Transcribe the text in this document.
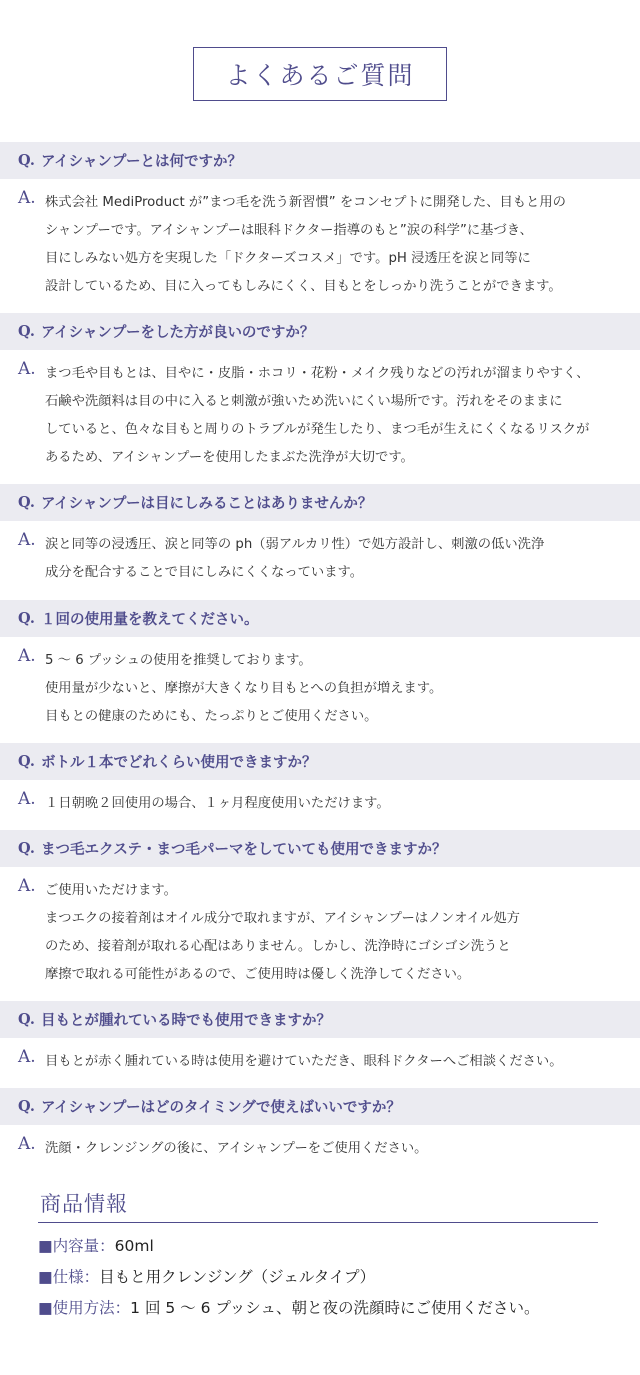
よくあるご質問
Q. アイシャンプーとは何ですか？
A. 株式会社 MediProduct が”まつ毛を洗う新習慣” をコンセプトに開発した、目もと用の
シャンプーです。アイシャンプーは眼科ドクター指導のもと”涙の科学”に基づき、
目にしみない処方を実現した「ドクターズコスメ」です。pH 浸透圧を涙と同等に
設計しているため、目に入ってもしみにくく、目もとをしっかり洗うことができます。
Q. アイシャンプーをした方が良いのですか？
A. まつ毛や目もとは、目やに・皮脂・ホコリ・花粉・メイク残りなどの汚れが溜まりやすく、
石鹸や洗顔料は目の中に入ると刺激が強いため洗いにくい場所です。汚れをそのままに
していると、色々な目もと周りのトラブルが発生したり、まつ毛が生えにくくなるリスクが
あるため、アイシャンプーを使用したまぶた洗浄が大切です。
Q. アイシャンプーは目にしみることはありませんか？
A. 涙と同等の浸透圧、涙と同等の ph（弱アルカリ性）で処方設計し、刺激の低い洗浄
成分を配合することで目にしみにくくなっています。
Q. １回の使用量を教えてください。
A. 5 ～ 6 プッシュの使用を推奨しております。
使用量が少ないと、摩擦が大きくなり目もとへの負担が増えます。
目もとの健康のためにも、たっぷりとご使用ください。
Q. ボトル１本でどれくらい使用できますか？
A. １日朝晩２回使用の場合、１ヶ月程度使用いただけます。
Q. まつ毛エクステ・まつ毛パーマをしていても使用できますか？
A. ご使用いただけます。
まつエクの接着剤はオイル成分で取れますが、アイシャンプーはノンオイル処方
のため、接着剤が取れる心配はありません。しかし、洗浄時にゴシゴシ洗うと
摩擦で取れる可能性があるので、ご使用時は優しく洗浄してください。
Q. 目もとが腫れている時でも使用できますか？
A. 目もとが赤く腫れている時は使用を避けていただき、眼科ドクターへご相談ください。
Q. アイシャンプーはどのタイミングで使えばいいですか？
A. 洗顔・クレンジングの後に、アイシャンプーをご使用ください。
商品情報
■内容量：60ml
■仕様：目もと用クレンジング（ジェルタイプ）
■使用方法：1 回 5 ～ 6 プッシュ、朝と夜の洗顔時にご使用ください。
